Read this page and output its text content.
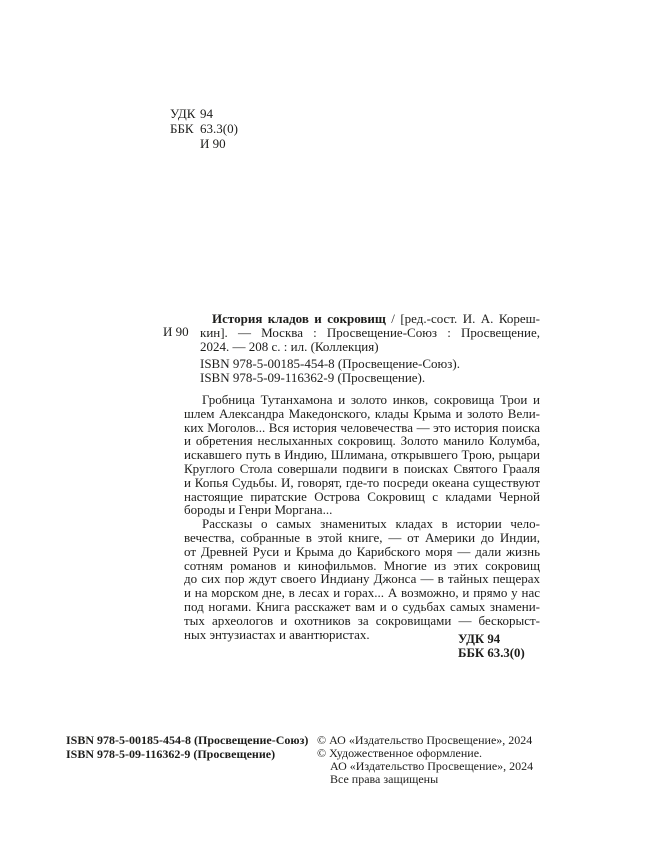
УДК 94
ББК 63.3(0)
И 90
И 90
История кладов и сокровищ / [ред.-сост. И. А. Кореш-
кин]. — Москва : Просвещение-Союз : Просвещение,
2024. — 208 с. : ил. (Коллекция)
ISBN 978-5-00185-454-8 (Просвещение-Союз).
ISBN 978-5-09-116362-9 (Просвещение).
Гробница Тутанхамона и золото инков, сокровища Трои и
шлем Александра Македонского, клады Крыма и золото Вели-
ких Моголов... Вся история человечества — это история поиска
и обретения неслыханных сокровищ. Золото манило Колумба,
искавшего путь в Индию, Шлимана, открывшего Трою, рыцари
Круглого Стола совершали подвиги в поисках Святого Грааля
и Копья Судьбы. И, говорят, где-то посреди океана существуют
настоящие пиратские Острова Сокровищ с кладами Черной
бороды и Генри Моргана...
Рассказы о самых знаменитых кладах в истории чело-
вечества, собранные в этой книге, — от Америки до Индии,
от Древней Руси и Крыма до Карибского моря — дали жизнь
сотням романов и кинофильмов. Многие из этих сокровищ
до сих пор ждут своего Индиану Джонса — в тайных пещерах
и на морском дне, в лесах и горах... А возможно, и прямо у нас
под ногами. Книга расскажет вам и о судьбах самых знамени-
тых археологов и охотников за сокровищами — бескорыст-
ных энтузиастах и авантюристах.	УДК 94
ББК 63.3(0)
ISBN 978-5-00185-454-8 (Просвещение-Союз)
ISBN 978-5-09-116362-9 (Просвещение)
© АО «Издательство Просвещение», 2024
© Художественное оформление.
АО «Издательство Просвещение», 2024
Все права защищены
